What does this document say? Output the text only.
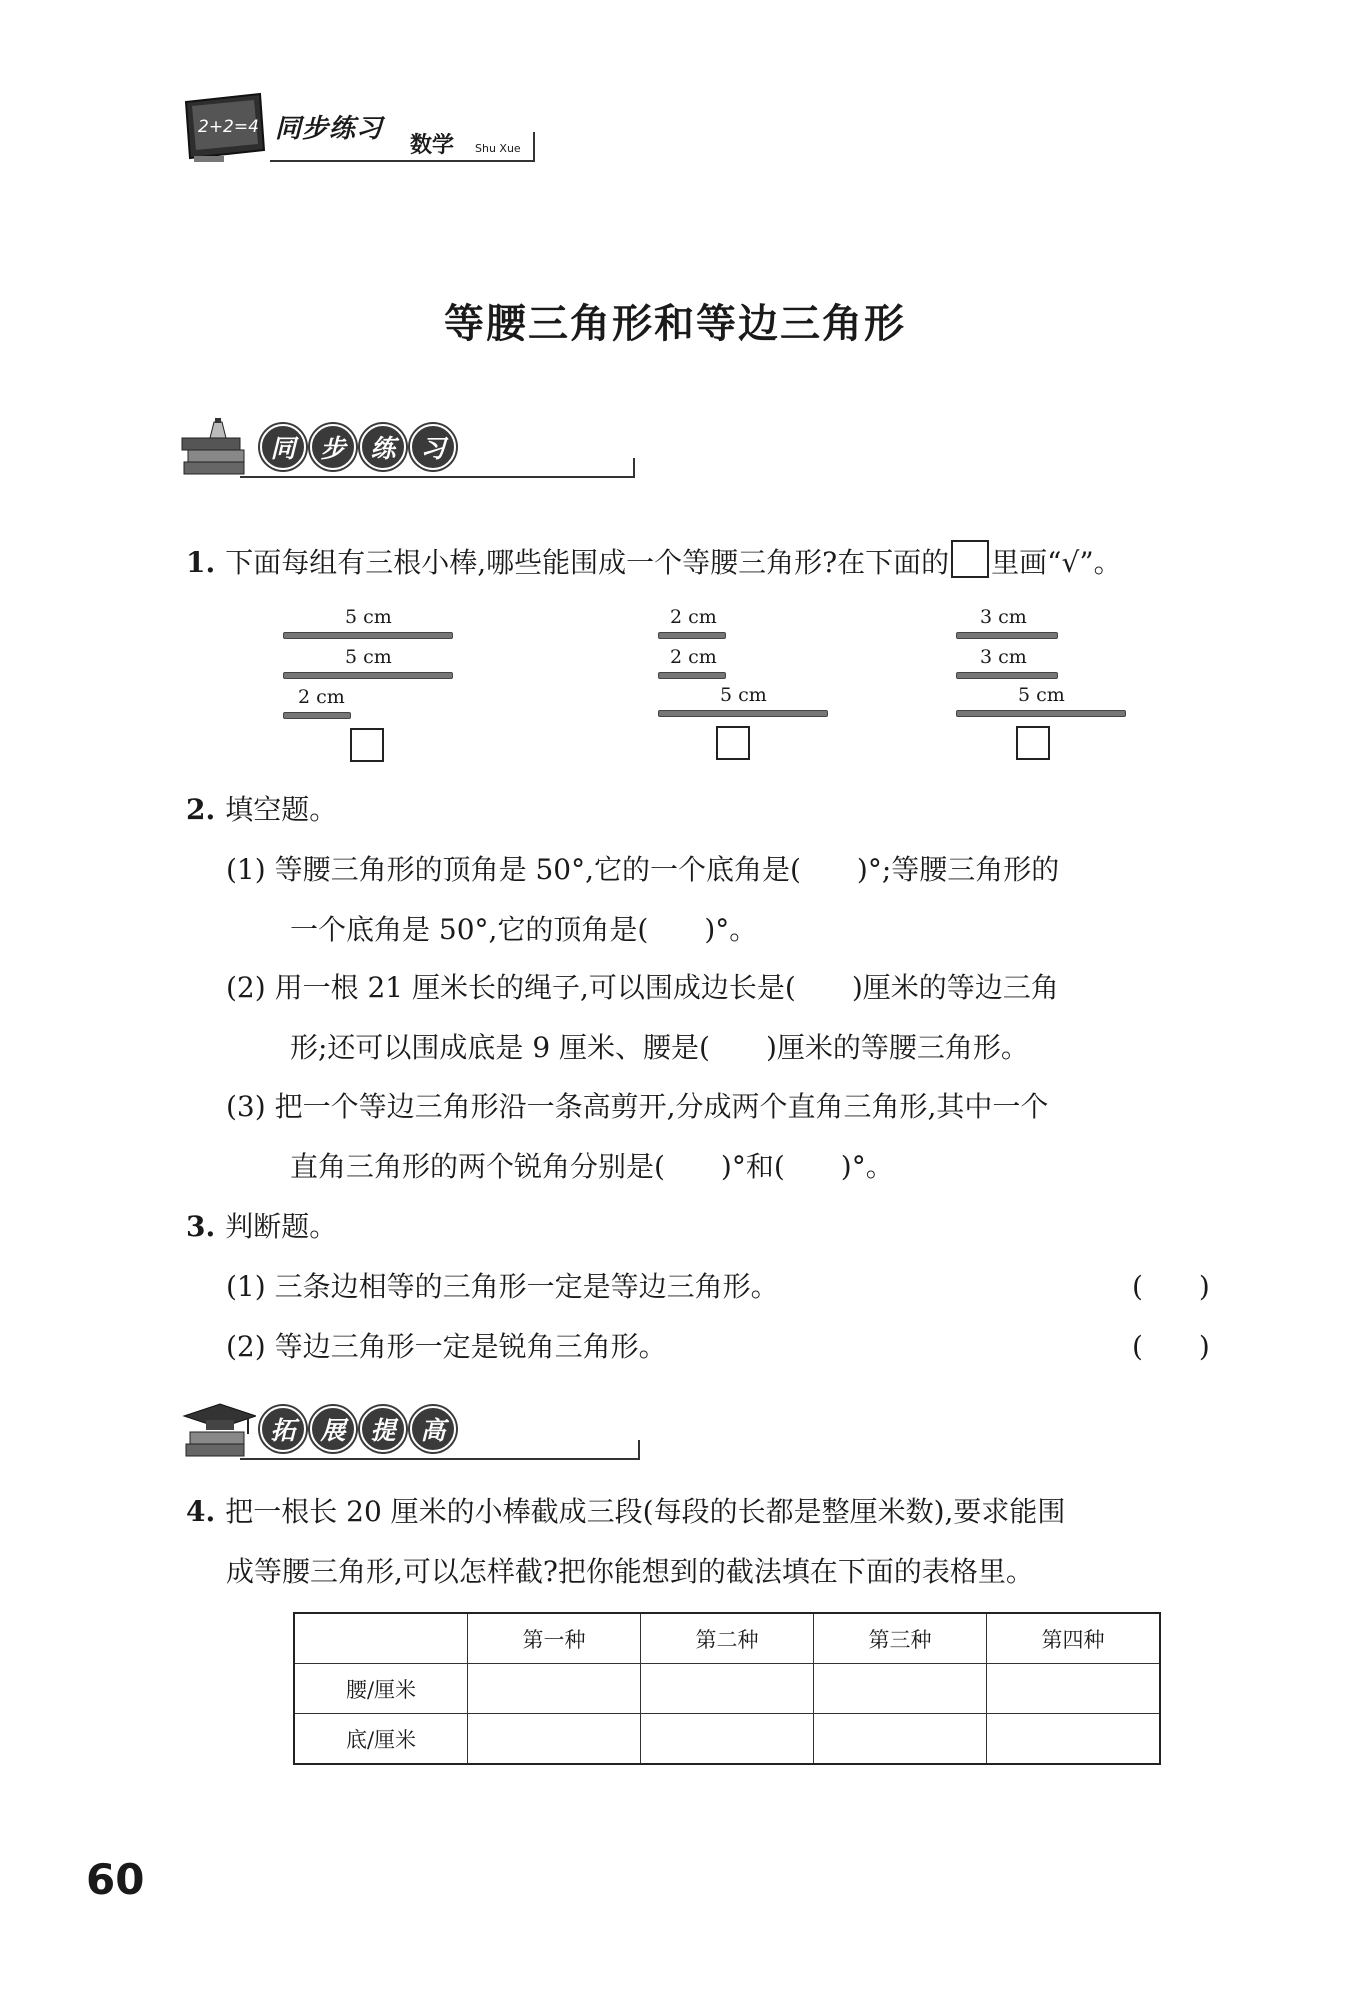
2+2=4 同步练习
数学 Shu Xue
等腰三角形和等边三角形
同 步 练 习
1. 下面每组有三根小棒,哪些能围成一个等腰三角形?在下面的 里画“√”。
5 cm
5 cm
2 cm
2 cm
2 cm
5 cm
3 cm
3 cm
5 cm
2. 填空题。
(1) 等腰三角形的顶角是 50°,它的一个底角是(　　)°;等腰三角形的
一个底角是 50°,它的顶角是(　　)°。
(2) 用一根 21 厘米长的绳子,可以围成边长是(　　)厘米的等边三角
形;还可以围成底是 9 厘米、腰是(　　)厘米的等腰三角形。
(3) 把一个等边三角形沿一条高剪开,分成两个直角三角形,其中一个
直角三角形的两个锐角分别是(　　)°和(　　)°。
3. 判断题。
(1) 三条边相等的三角形一定是等边三角形。	(　　)
(2) 等边三角形一定是锐角三角形。	(　　)
拓 展 提 高
4. 把一根长 20 厘米的小棒截成三段(每段的长都是整厘米数),要求能围
成等腰三角形,可以怎样截?把你能想到的截法填在下面的表格里。
	第一种	第二种	第三种	第四种
腰/厘米				
底/厘米				
60
